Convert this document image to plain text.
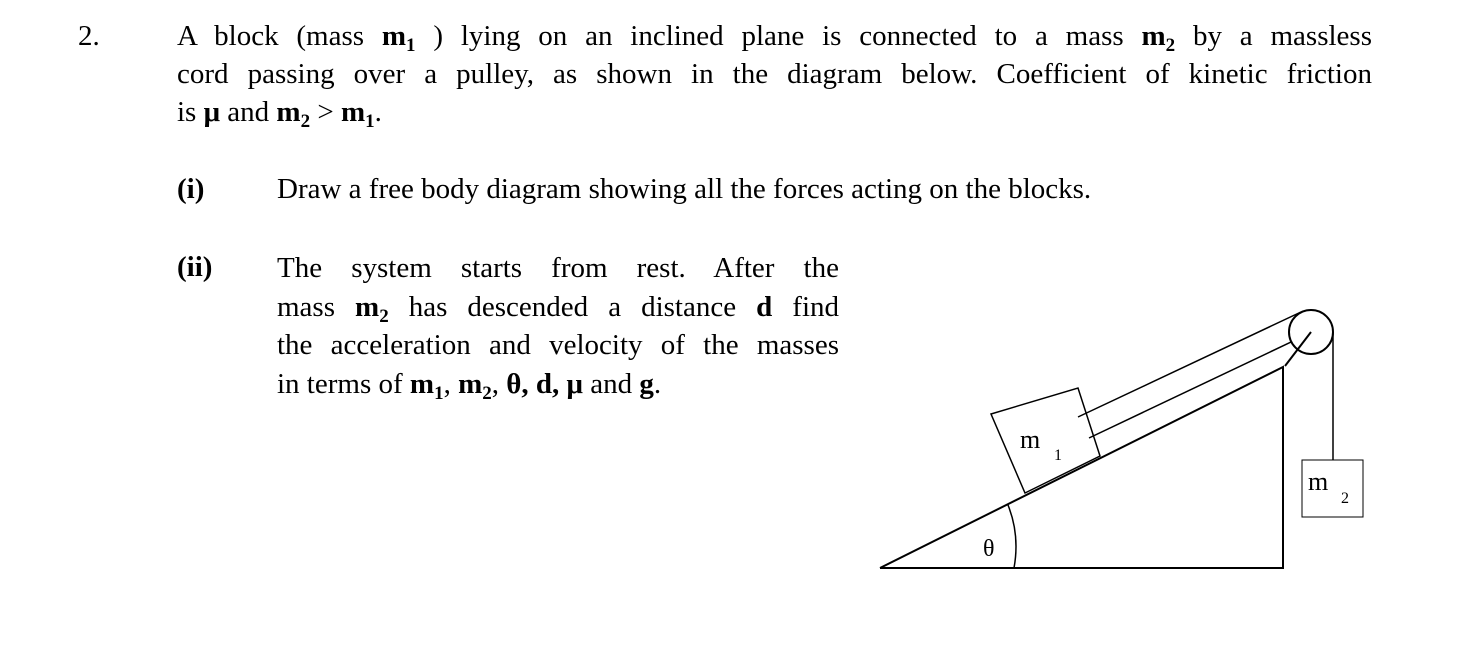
2.	A block (mass $m_1$ ) lying on an inclined plane is connected to a mass $m_2$ by a massless
cord passing over a pulley, as shown in the diagram below. Coefficient of kinetic friction
is μ and $m_2 > m_1$.
(i)	Draw a free body diagram showing all the forces acting on the blocks.
(ii) The system starts from rest. After the
mass $m_2$ has descended a distance d find
the acceleration and velocity of the masses
in terms of $m_1$, $m_2$, θ, d, μ and g.
θ
m
1
m
2
